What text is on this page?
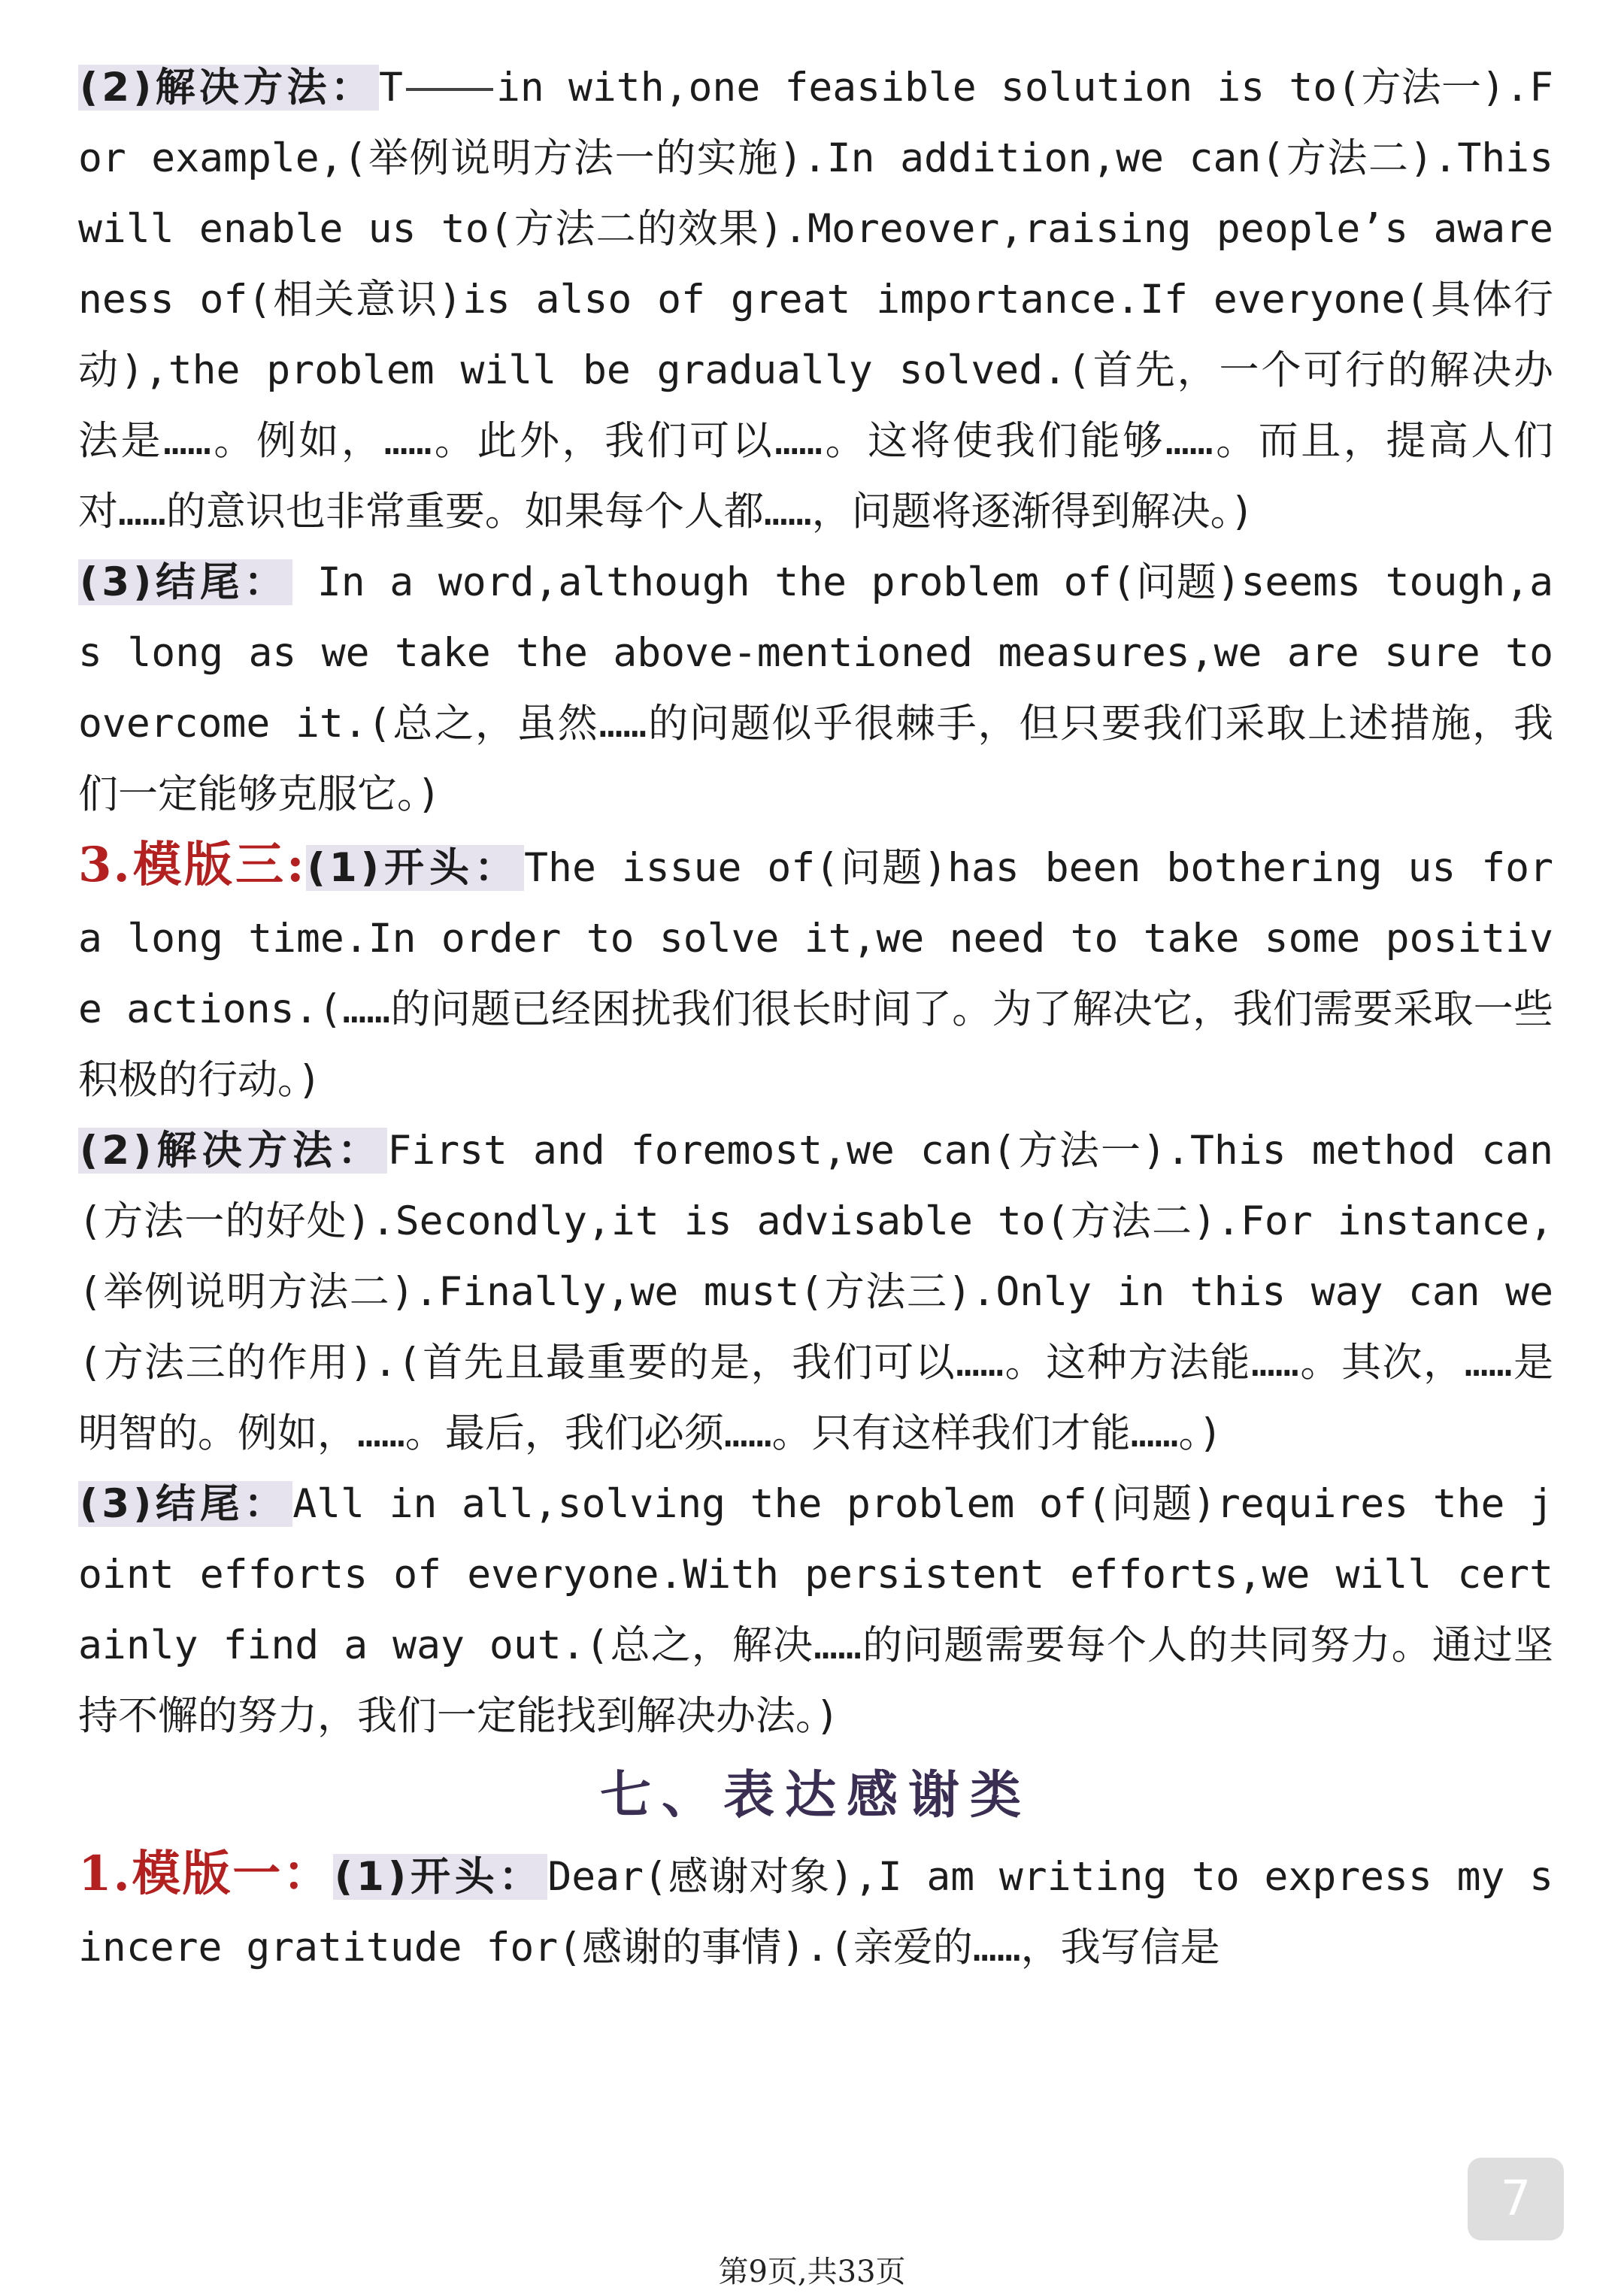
(2)解决方法： T in with,one feasible solution is to(方法一).For example,(举例说明方法一的实施).In addition,we can(方法二).This will enable us to(方法二的效果).Moreover,raising people’s awareness of(相关意识)is also of great importance.If everyone(具体行动),the problem will be gradually solved.(首先，一个可行的解决办法是……。例如，……。此外，我们可以……。这将使我们能够……。而且，提高人们对……的意识也非常重要。如果每个人都……，问题将逐渐得到解决。)

(3)结尾： In a word,although the problem of(问题)seems tough,as long as we take the above-mentioned measures,we are sure to overcome it.(总之，虽然……的问题似乎很棘手，但只要我们采取上述措施，我们一定能够克服它。)

3.模版三:(1)开头： The issue of(问题)has been bothering us for a long time.In order to solve it,we need to take some positive actions.(……的问题已经困扰我们很长时间了。为了解决它，我们需要采取一些积极的行动。)

(2)解决方法： First and foremost,we can(方法一).This method can(方法一的好处).Secondly,it is advisable to(方法二).For instance,(举例说明方法二).Finally,we must(方法三).Only in this way can we(方法三的作用).(首先且最重要的是，我们可以……。这种方法能……。其次，……是明智的。例如，……。最后，我们必须……。只有这样我们才能……。)

(3)结尾： All in all,solving the problem of(问题)requires the joint efforts of everyone.With persistent efforts,we will certainly find a way out.(总之，解决……的问题需要每个人的共同努力。通过坚持不懈的努力，我们一定能找到解决办法。)

七、表达感谢类

1.模版一：(1)开头： Dear(感谢对象),I am writing to express my sincere gratitude for(感谢的事情).(亲爱的……，我写信是

7
第9页,共33页
